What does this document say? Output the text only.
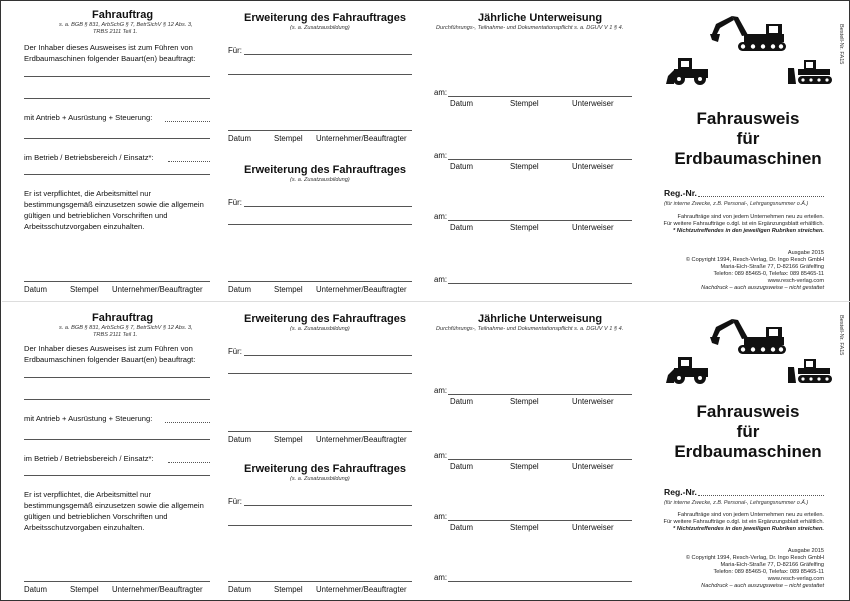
Fahrauftrag
s. a. BGB § 831, ArbSchG § 7, BetrSichV § 12 Abs. 3,
TRBS 2111 Teil 1.
Der Inhaber dieses Ausweises ist zum Führen von Erdbaumaschinen folgender Bauart(en) beauftragt:
mit Antrieb + Ausrüstung + Steuerung:
im Betrieb / Betriebsbereich / Einsatz*:
Er ist verpflichtet, die Arbeitsmittel nur bestimmungsgemäß einzusetzen sowie die allgemein gültigen und betrieblichen Vorschriften und Arbeitsschutzvorgaben einzuhalten.
Datum	Stempel Unternehmer/Beauftragter
Erweiterung des Fahrauftrages
(s. a. Zusatzausbildung)
Für:
Datum	Stempel Unternehmer/Beauftragter
Erweiterung des Fahrauftrages
(s. a. Zusatzausbildung)
Für:
Datum	Stempel Unternehmer/Beauftragter
Jährliche Unterweisung
Durchführungs-, Teilnahme- und Dokumentationspflicht s. a. DGUV V 1 § 4.
am:
Datum	Stempel	Unterweiser
am:
Datum	Stempel	Unterweiser
am:
Datum	Stempel	Unterweiser
am:
Bestell-Nr. FA15
Fahrausweis
für
Erdbaumaschinen
Reg.-Nr.
(für interne Zwecke, z.B. Personal-, Lehrgangsnummer o.Ä.)
Fahraufträge sind von jedem Unternehmen neu zu erteilen.
Für weitere Fahraufträge o.dgl. ist ein Ergänzungsblatt erhältlich.
* Nichtzutreffendes in den jeweiligen Rubriken streichen.
Ausgabe 2015
© Copyright 1994, Resch-Verlag, Dr. Ingo Resch GmbH
Maria-Eich-Straße 77, D-82166 Gräfelfing
Telefon: 089 85465-0, Telefax: 089 85465-11
www.resch-verlag.com
Nachdruck – auch auszugsweise – nicht gestattet
Fahrauftrag
s. a. BGB § 831, ArbSchG § 7, BetrSichV § 12 Abs. 3,
TRBS 2111 Teil 1.
Der Inhaber dieses Ausweises ist zum Führen von Erdbaumaschinen folgender Bauart(en) beauftragt:
mit Antrieb + Ausrüstung + Steuerung:
im Betrieb / Betriebsbereich / Einsatz*:
Er ist verpflichtet, die Arbeitsmittel nur bestimmungsgemäß einzusetzen sowie die allgemein gültigen und betrieblichen Vorschriften und Arbeitsschutzvorgaben einzuhalten.
Datum	Stempel Unternehmer/Beauftragter
Erweiterung des Fahrauftrages
(s. a. Zusatzausbildung)
Für:
Datum	Stempel Unternehmer/Beauftragter
Erweiterung des Fahrauftrages
(s. a. Zusatzausbildung)
Für:
Datum	Stempel Unternehmer/Beauftragter
Jährliche Unterweisung
Durchführungs-, Teilnahme- und Dokumentationspflicht s. a. DGUV V 1 § 4.
am:
Datum	Stempel	Unterweiser
am:
Datum	Stempel	Unterweiser
am:
Datum	Stempel	Unterweiser
am:
Bestell-Nr. FA15
Fahrausweis
für
Erdbaumaschinen
Reg.-Nr.
(für interne Zwecke, z.B. Personal-, Lehrgangsnummer o.Ä.)
Fahraufträge sind von jedem Unternehmen neu zu erteilen.
Für weitere Fahraufträge o.dgl. ist ein Ergänzungsblatt erhältlich.
* Nichtzutreffendes in den jeweiligen Rubriken streichen.
Ausgabe 2015
© Copyright 1994, Resch-Verlag, Dr. Ingo Resch GmbH
Maria-Eich-Straße 77, D-82166 Gräfelfing
Telefon: 089 85465-0, Telefax: 089 85465-11
www.resch-verlag.com
Nachdruck – auch auszugsweise – nicht gestattet
